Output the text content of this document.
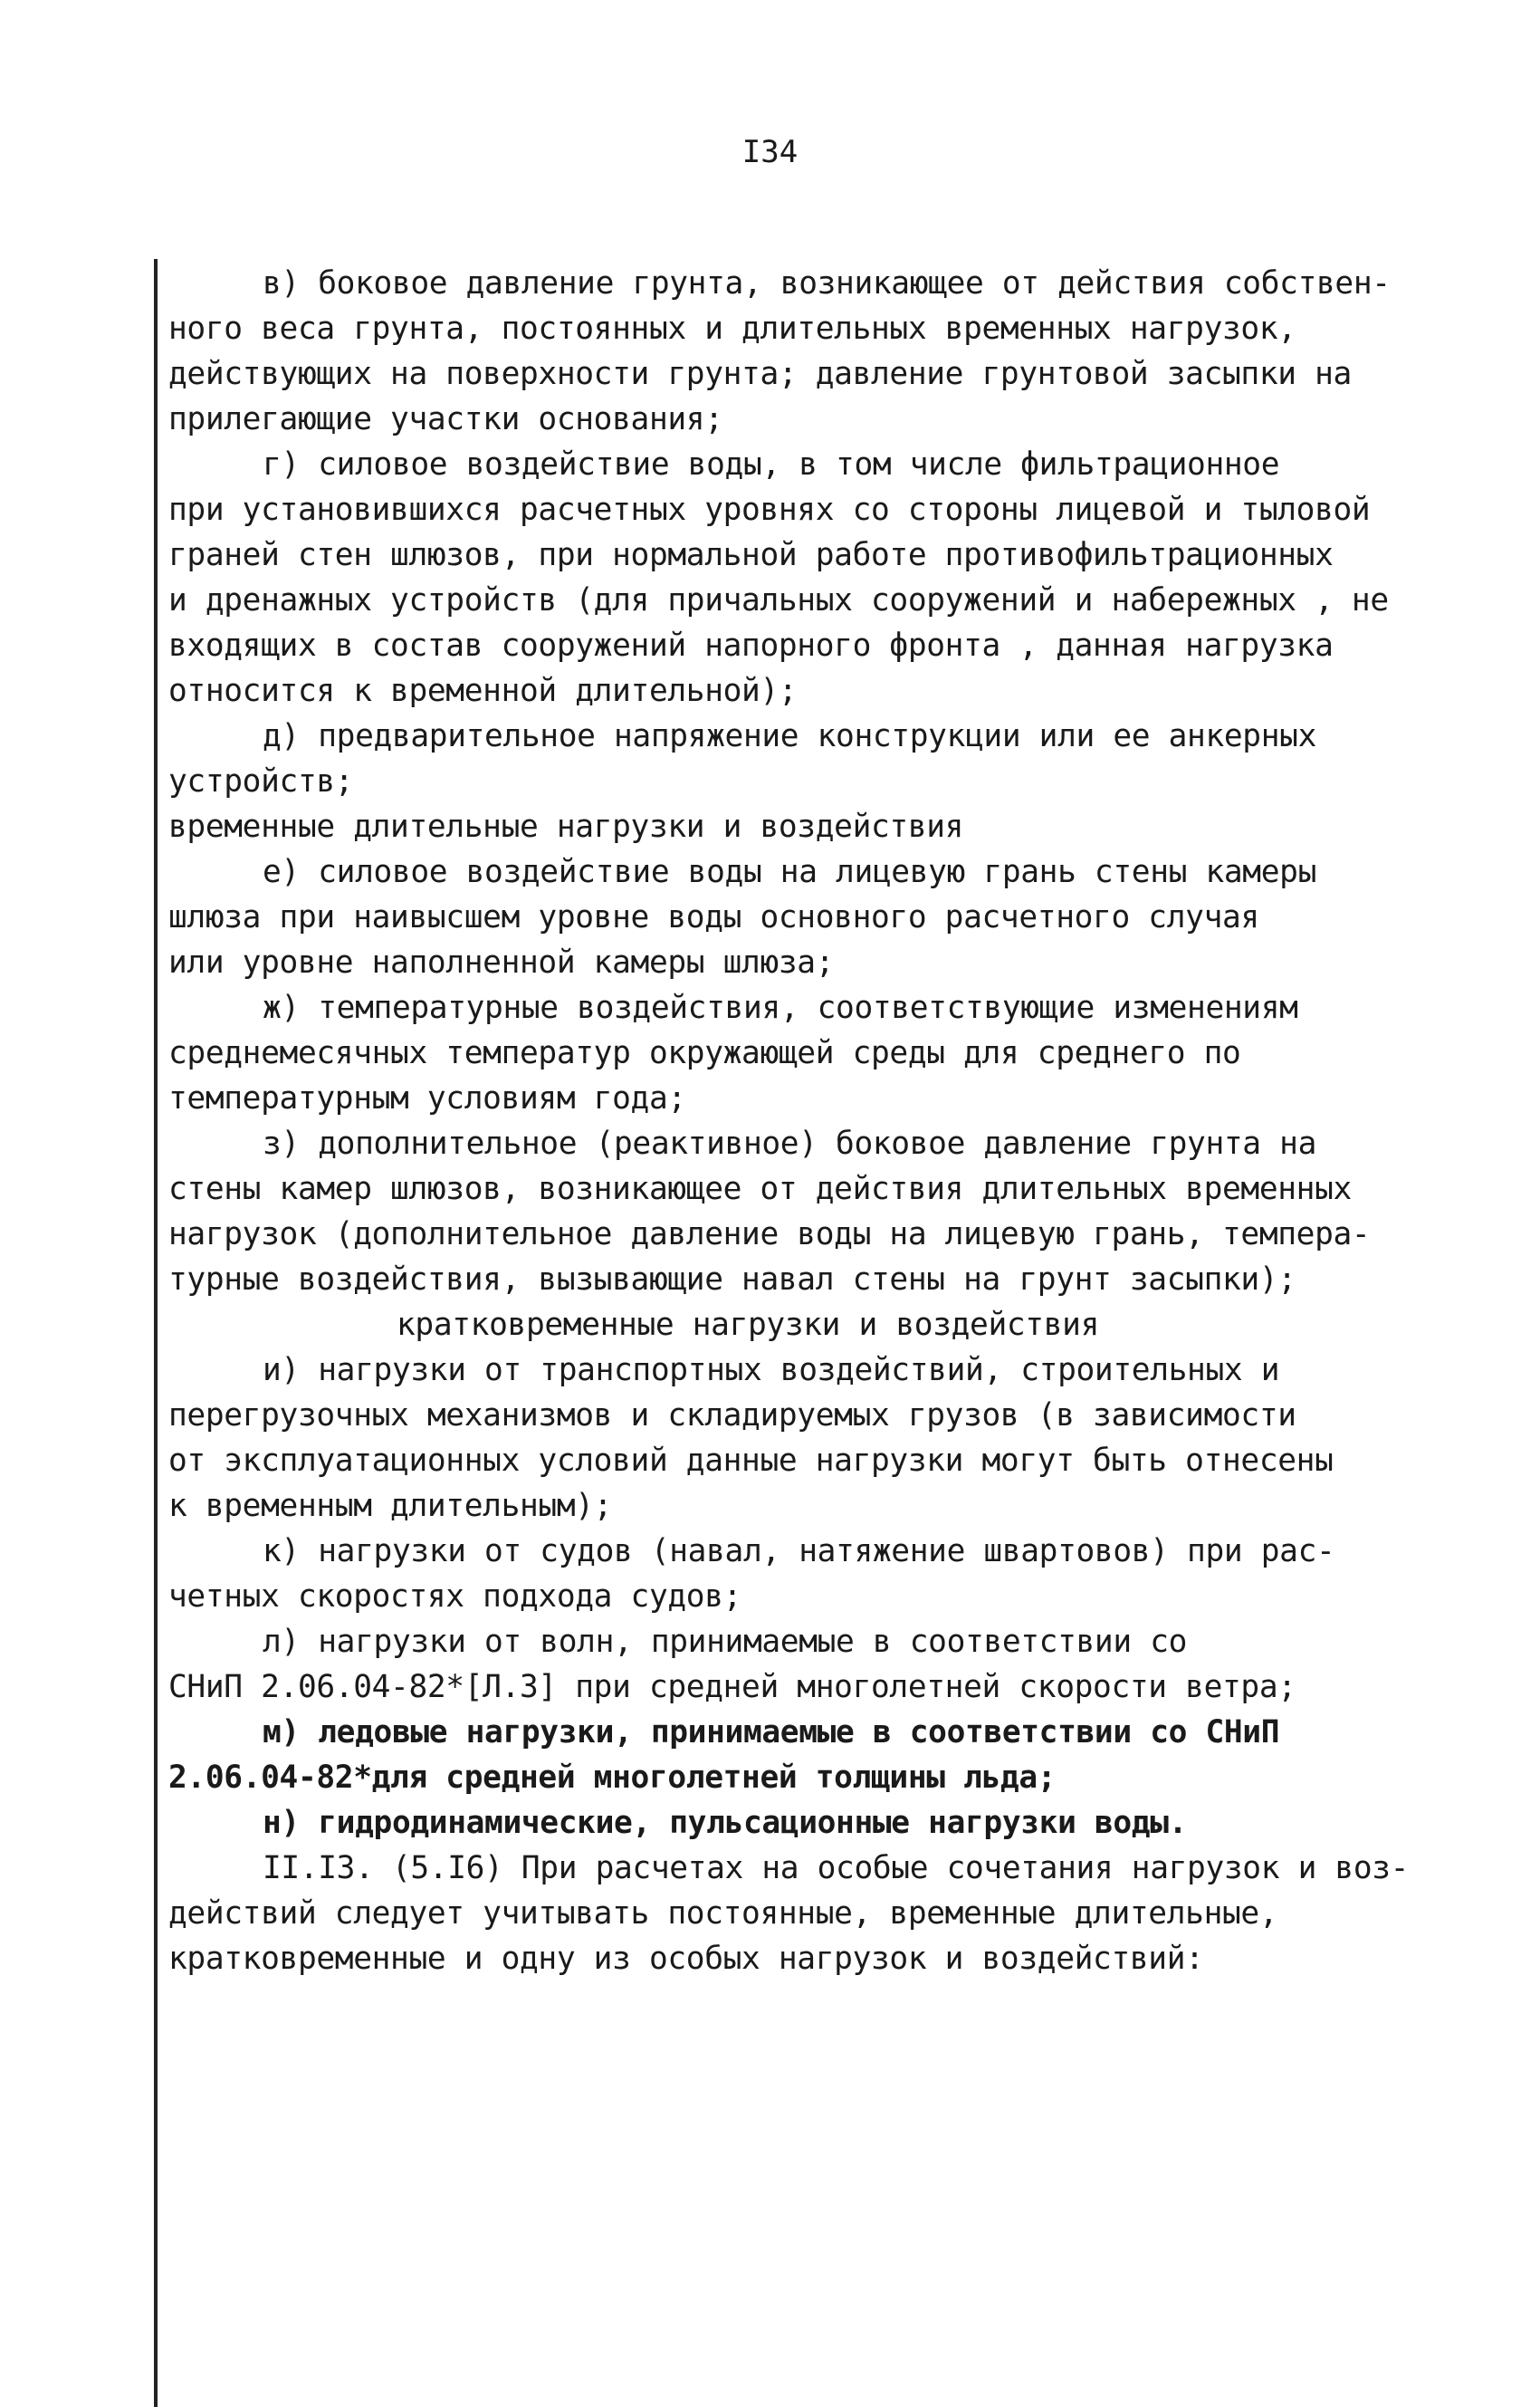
I34
в) боковое давление грунта, возникающее от действия собствен-
ного веса грунта, постоянных и длительных временных нагрузок,
действующих на поверхности грунта; давление грунтовой засыпки на
прилегающие участки основания;
г) силовое воздействие воды, в том числе фильтрационное
при установившихся расчетных уровнях со стороны лицевой и тыловой
граней стен шлюзов, при нормальной работе противофильтрационных
и дренажных устройств (для причальных сооружений и набережных , не
входящих в состав сооружений напорного фронта , данная нагрузка
относится к временной длительной);
д) предварительное напряжение конструкции или ее анкерных
устройств;
временные длительные нагрузки и воздействия
е) силовое воздействие воды на лицевую грань стены камеры
шлюза при наивысшем уровне воды основного расчетного случая
или уровне наполненной камеры шлюза;
ж) температурные воздействия, соответствующие изменениям
среднемесячных температур окружающей среды для среднего по
температурным условиям года;
з) дополнительное (реактивное) боковое давление грунта на
стены камер шлюзов, возникающее от действия длительных временных
нагрузок (дополнительное давление воды на лицевую грань, темпера-
турные воздействия, вызывающие навал стены на грунт засыпки);
кратковременные нагрузки и воздействия
и) нагрузки от транспортных воздействий, строительных и
перегрузочных механизмов и складируемых грузов (в зависимости
от эксплуатационных условий данные нагрузки могут быть отнесены
к временным длительным);
к) нагрузки от судов (навал, натяжение швартовов) при рас-
четных скоростях подхода судов;
л) нагрузки от волн, принимаемые в соответствии со
СНиП 2.06.04-82*[Л.3] при средней многолетней скорости ветра;
м) ледовые нагрузки, принимаемые в соответствии со СНиП
2.06.04-82*для средней многолетней толщины льда;
н) гидродинамические, пульсационные нагрузки воды.
II.I3. (5.I6) При расчетах на особые сочетания нагрузок и воз-
действий следует учитывать постоянные, временные длительные,
кратковременные и одну из особых нагрузок и воздействий:
